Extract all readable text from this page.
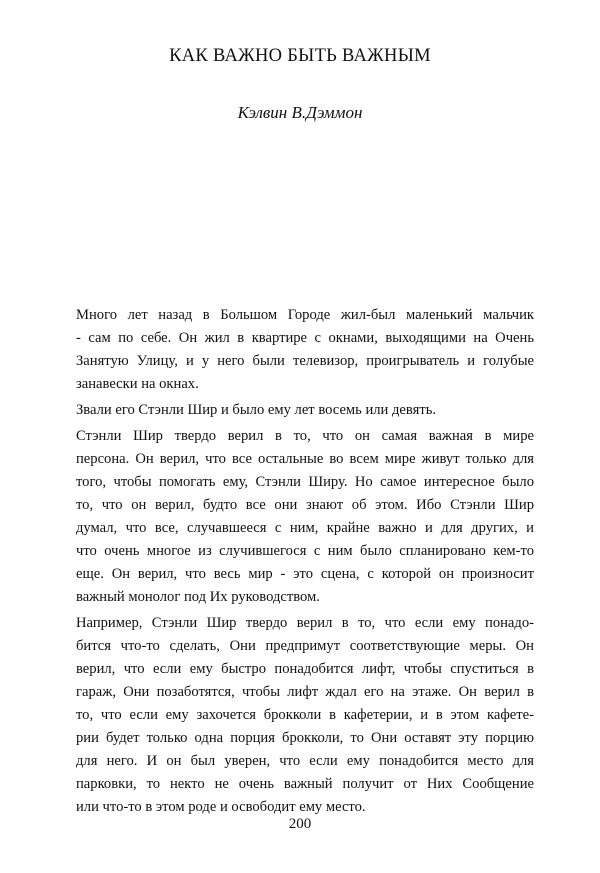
КАК ВАЖНО БЫТЬ ВАЖНЫМ
Кэлвин В.Дэммон
Много лет назад в Большом Городе жил-был маленький мальчик
- сам по себе. Он жил в квартире с окнами, выходящими на Очень
Занятую Улицу, и у него были телевизор, проигрыватель и голубые
занавески на окнах.
Звали его Стэнли Шир и было ему лет восемь или девять.
Стэнли Шир твердо верил в то, что он самая важная в мире
персона. Он верил, что все остальные во всем мире живут только для
того, чтобы помогать ему, Стэнли Ширу. Но самое интересное было
то, что он верил, будто все они знают об этом. Ибо Стэнли Шир
думал, что все, случавшееся с ним, крайне важно и для других, и
что очень многое из случившегося с ним было спланировано кем-то
еще. Он верил, что весь мир - это сцена, с которой он произносит
важный монолог под Их руководством.
Например, Стэнли Шир твердо верил в то, что если ему понадо-
бится что-то сделать, Они предпримут соответствующие меры. Он
верил, что если ему быстро понадобится лифт, чтобы спуститься в
гараж, Они позаботятся, чтобы лифт ждал его на этаже. Он верил в
то, что если ему захочется брокколи в кафетерии, и в этом кафете-
рии будет только одна порция брокколи, то Они оставят эту порцию
для него. И он был уверен, что если ему понадобится место для
парковки, то некто не очень важный получит от Них Сообщение
или что-то в этом роде и освободит ему место.
200
